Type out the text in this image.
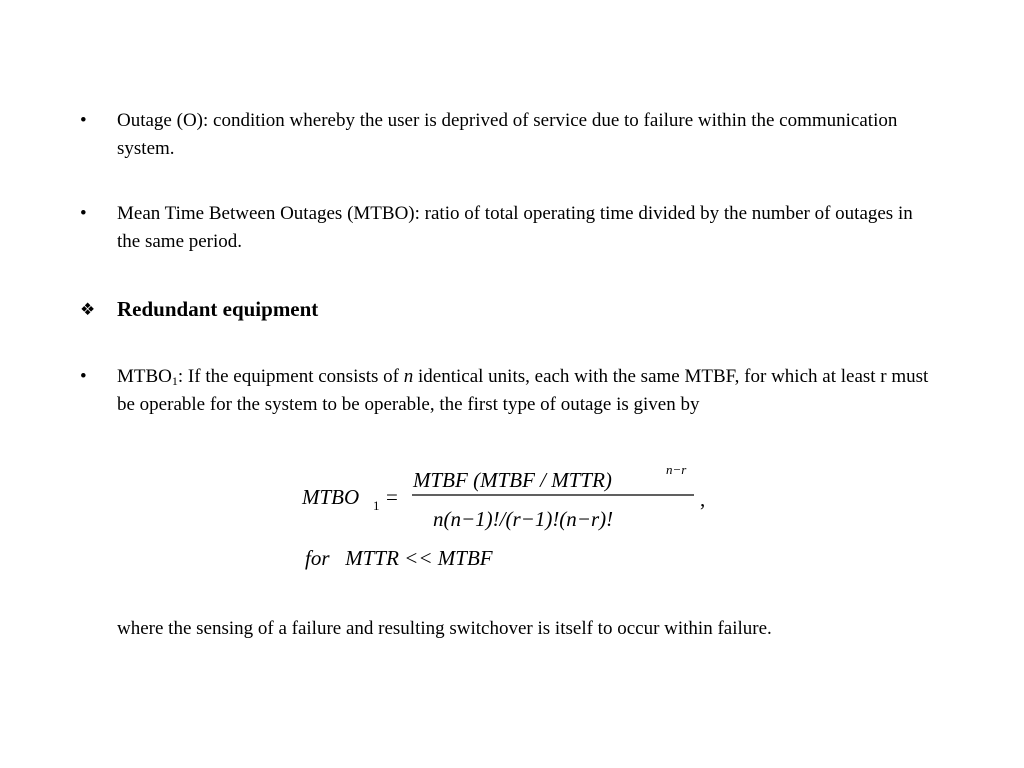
•	Outage (O): condition whereby the user is deprived of service due to failure within the communication system.
•	Mean Time Between Outages (MTBO): ratio of total operating time divided by the number of outages in the same period.
❖	Redundant equipment
•	$MTBO_1$: If the equipment consists of n identical units, each with the same MTBF, for which at least r must be operable for the system to be operable, the first type of outage is given by
MTBO 1 =
MTBF (MTBF / MTTR)	n−r
n(n−1)!/(r−1)!(n−r)!
,
for   MTTR << MTBF
where the sensing of a failure and resulting switchover is itself to occur within failure.
